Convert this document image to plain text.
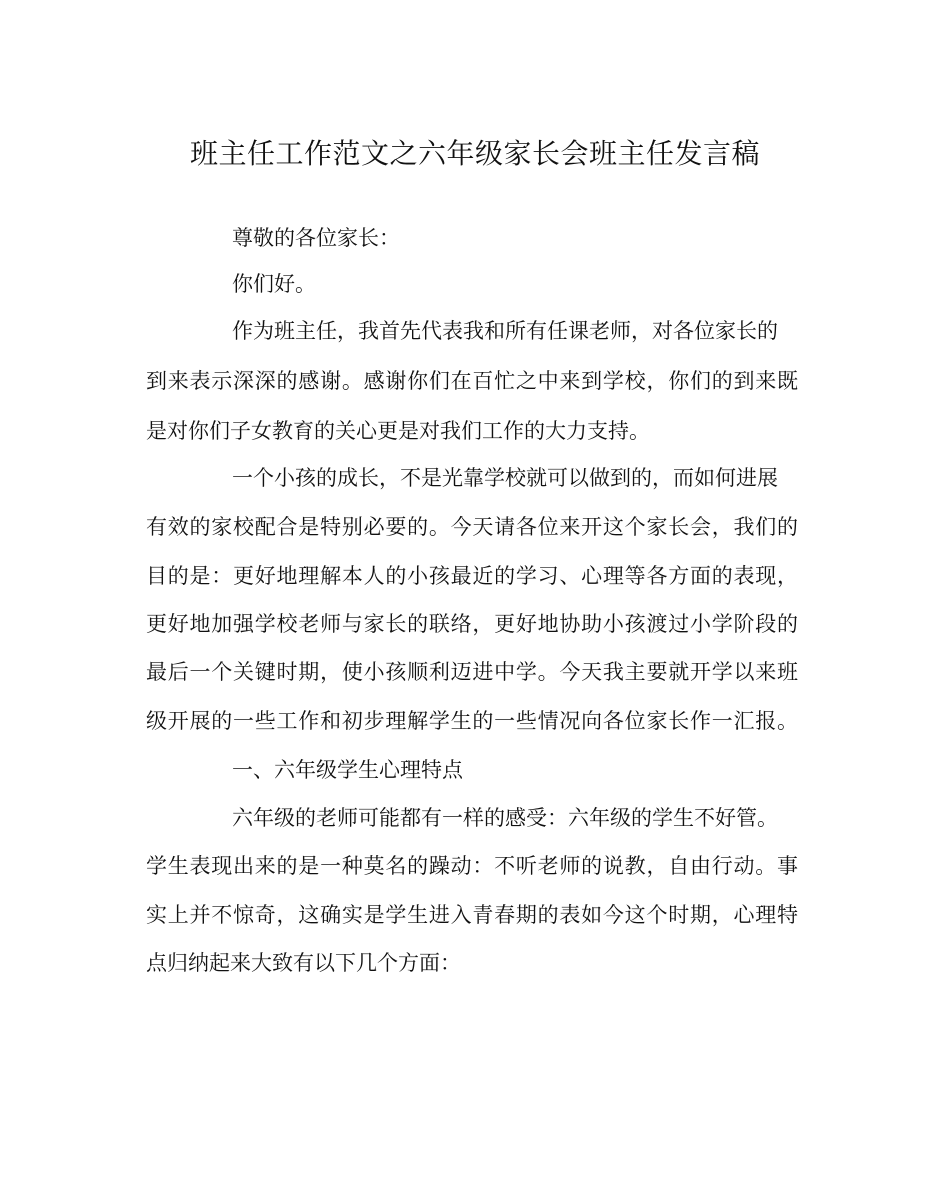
班主任工作范文之六年级家长会班主任发言稿
尊敬的各位家长：
你们好。
作为班主任，我首先代表我和所有任课老师，对各位家长的
到来表示深深的感谢。感谢你们在百忙之中来到学校，你们的到来既
是对你们子女教育的关心更是对我们工作的大力支持。
一个小孩的成长，不是光靠学校就可以做到的，而如何进展
有效的家校配合是特别必要的。今天请各位来开这个家长会，我们的
目的是：更好地理解本人的小孩最近的学习、心理等各方面的表现，
更好地加强学校老师与家长的联络，更好地协助小孩渡过小学阶段的
最后一个关键时期，使小孩顺利迈进中学。今天我主要就开学以来班
级开展的一些工作和初步理解学生的一些情况向各位家长作一汇报。
一、六年级学生心理特点
六年级的老师可能都有一样的感受：六年级的学生不好管。
学生表现出来的是一种莫名的躁动：不听老师的说教，自由行动。事
实上并不惊奇，这确实是学生进入青春期的表如今这个时期，心理特
点归纳起来大致有以下几个方面：
